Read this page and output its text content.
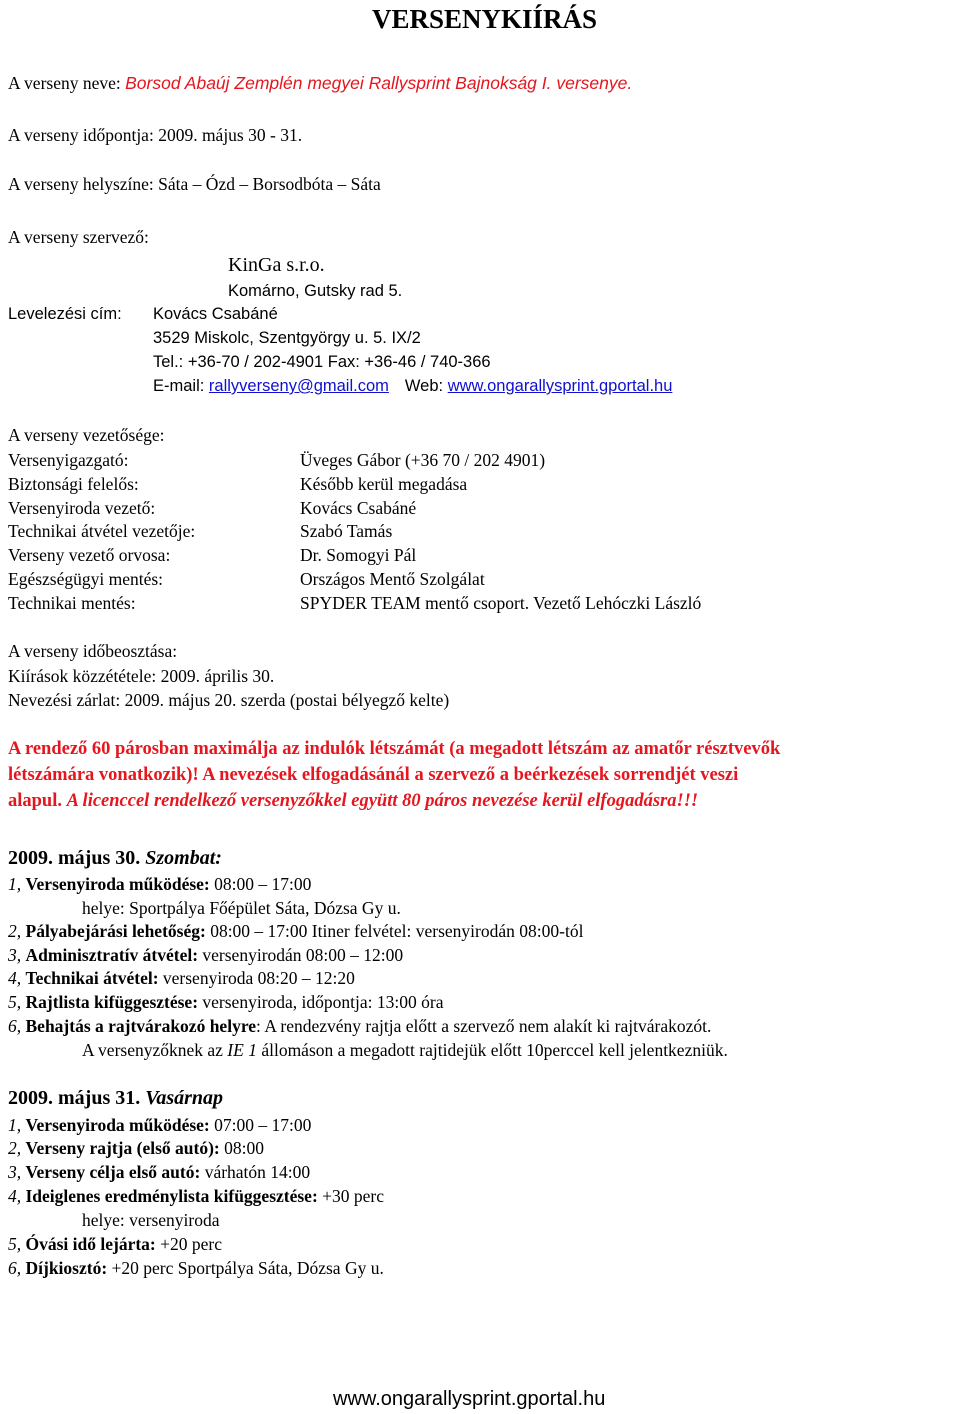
VERSENYKIÍRÁS
A verseny neve: Borsod Abaúj Zemplén megyei Rallysprint Bajnokság I. versenye.
A verseny időpontja: 2009. május 30 - 31.
A verseny helyszíne: Sáta – Ózd – Borsodbóta – Sáta
A verseny szervező:
KinGa s.r.o.
Komárno, Gutsky rad 5.
Levelezési cím: Kovács Csabáné
3529 Miskolc, Szentgyörgy u. 5. IX/2
Tel.: +36-70 / 202-4901 Fax: +36-46 / 740-366
E-mail: rallyverseny@gmail.com Web: www.ongarallysprint.gportal.hu
A verseny vezetősége:
Versenyigazgató:	Üveges Gábor (+36 70 / 202 4901)
Biztonsági felelős:	Később kerül megadása
Versenyiroda vezető:	Kovács Csabáné
Technikai átvétel vezetője:	Szabó Tamás
Verseny vezető orvosa:	Dr. Somogyi Pál
Egészségügyi mentés:	Országos Mentő Szolgálat
Technikai mentés:	SPYDER TEAM mentő csoport. Vezető Lehóczki László
A verseny időbeosztása:
Kiírások közzététele: 2009. április 30.
Nevezési zárlat: 2009. május 20. szerda (postai bélyegző kelte)
A rendező 60 párosban maximálja az indulók létszámát (a megadott létszám az amatőr résztvevők
létszámára vonatkozik)! A nevezések elfogadásánál a szervező a beérkezések sorrendjét veszi
alapul. A licenccel rendelkező versenyzőkkel együtt 80 páros nevezése kerül elfogadásra!!!
2009. május 30. Szombat:
1, Versenyiroda működése: 08:00 – 17:00
helye: Sportpálya Főépület Sáta, Dózsa Gy u.
2, Pályabejárási lehetőség: 08:00 – 17:00 Itiner felvétel: versenyirodán 08:00-tól
3, Adminisztratív átvétel: versenyirodán 08:00 – 12:00
4, Technikai átvétel: versenyiroda 08:20 – 12:20
5, Rajtlista kifüggesztése: versenyiroda, időpontja: 13:00 óra
6, Behajtás a rajtvárakozó helyre: A rendezvény rajtja előtt a szervező nem alakít ki rajtvárakozót.
A versenyzőknek az IE 1 állomáson a megadott rajtidejük előtt 10perccel kell jelentkezniük.
2009. május 31. Vasárnap
1, Versenyiroda működése: 07:00 – 17:00
2, Verseny rajtja (első autó): 08:00
3, Verseny célja első autó: várhatón 14:00
4, Ideiglenes eredménylista kifüggesztése: +30 perc
helye: versenyiroda
5, Óvási idő lejárta: +20 perc
6, Díjkiosztó: +20 perc Sportpálya Sáta, Dózsa Gy u.
www.ongarallysprint.gportal.hu
